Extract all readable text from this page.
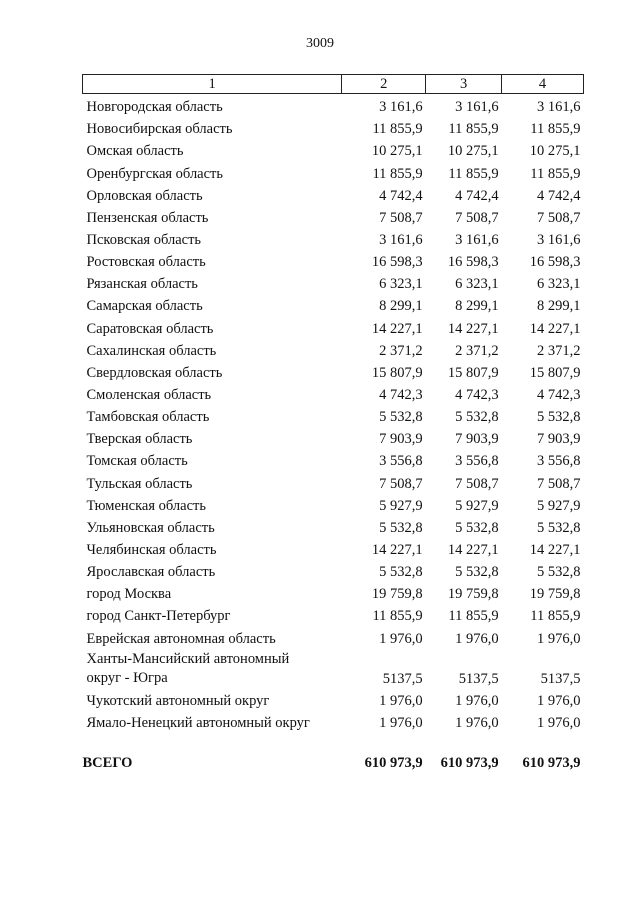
3009
1	2	3	4
Новгородская область	3 161,6	3 161,6	3 161,6
Новосибирская область	11 855,9	11 855,9	11 855,9
Омская область	10 275,1	10 275,1	10 275,1
Оренбургская область	11 855,9	11 855,9	11 855,9
Орловская область	4 742,4	4 742,4	4 742,4
Пензенская область	7 508,7	7 508,7	7 508,7
Псковская область	3 161,6	3 161,6	3 161,6
Ростовская область	16 598,3	16 598,3	16 598,3
Рязанская область	6 323,1	6 323,1	6 323,1
Самарская область	8 299,1	8 299,1	8 299,1
Саратовская область	14 227,1	14 227,1	14 227,1
Сахалинская область	2 371,2	2 371,2	2 371,2
Свердловская область	15 807,9	15 807,9	15 807,9
Смоленская область	4 742,3	4 742,3	4 742,3
Тамбовская область	5 532,8	5 532,8	5 532,8
Тверская область	7 903,9	7 903,9	7 903,9
Томская область	3 556,8	3 556,8	3 556,8
Тульская область	7 508,7	7 508,7	7 508,7
Тюменская область	5 927,9	5 927,9	5 927,9
Ульяновская область	5 532,8	5 532,8	5 532,8
Челябинская область	14 227,1	14 227,1	14 227,1
Ярославская область	5 532,8	5 532,8	5 532,8
город Москва	19 759,8	19 759,8	19 759,8
город Санкт-Петербург	11 855,9	11 855,9	11 855,9
Еврейская автономная область	1 976,0	1 976,0	1 976,0
Ханты-Мансийский автономный
округ - Югра	5137,5	5137,5	5137,5
Чукотский автономный округ	1 976,0	1 976,0	1 976,0
Ямало-Ненецкий автономный округ	1 976,0	1 976,0	1 976,0

ВСЕГО	610 973,9	610 973,9	610 973,9
